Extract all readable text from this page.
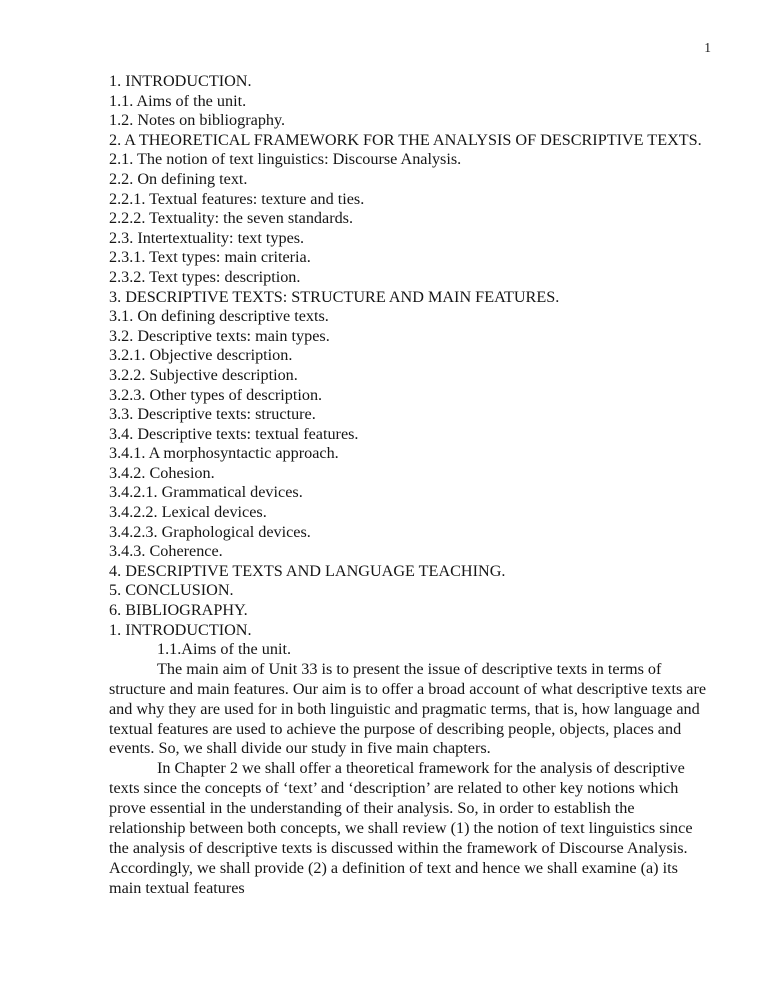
1

1. INTRODUCTION.

1.1. Aims of the unit.

1.2. Notes on bibliography.

2. A THEORETICAL FRAMEWORK FOR THE ANALYSIS OF DESCRIPTIVE TEXTS.

2.1. The notion of text linguistics: Discourse Analysis.

2.2. On defining text.

2.2.1. Textual features: texture and ties.

2.2.2. Textuality: the seven standards.

2.3. Intertextuality: text types.

2.3.1. Text types: main criteria.

2.3.2. Text types: description.

3. DESCRIPTIVE TEXTS: STRUCTURE AND MAIN FEATURES.

3.1. On defining descriptive texts.

3.2. Descriptive texts: main types.

3.2.1. Objective description.

3.2.2. Subjective description.

3.2.3. Other types of description.

3.3. Descriptive texts: structure.

3.4. Descriptive texts: textual features.

3.4.1. A morphosyntactic approach.

3.4.2. Cohesion.

3.4.2.1. Grammatical devices.

3.4.2.2. Lexical devices.

3.4.2.3. Graphological devices.

3.4.3. Coherence.

4. DESCRIPTIVE TEXTS AND LANGUAGE TEACHING.

5. CONCLUSION.

6. BIBLIOGRAPHY.

1. INTRODUCTION.

1.1.Aims of the unit.

The main aim of Unit 33 is to present the issue of descriptive texts in terms of structure and main features. Our aim is to offer a broad account of what descriptive texts are and why they are used for in both linguistic and pragmatic terms, that is, how language and textual features are used to achieve the purpose of describing people, objects, places and events. So, we shall divide our study in five main chapters.

In Chapter 2 we shall offer a theoretical framework for the analysis of descriptive texts since the concepts of ‘text’ and ‘description’ are related to other key notions which prove essential in the understanding of their analysis. So, in order to establish the relationship between both concepts, we shall review (1) the notion of text linguistics since the analysis of descriptive texts is discussed within the framework of Discourse Analysis. Accordingly, we shall provide (2) a definition of text and hence we shall examine (a) its main textual features
